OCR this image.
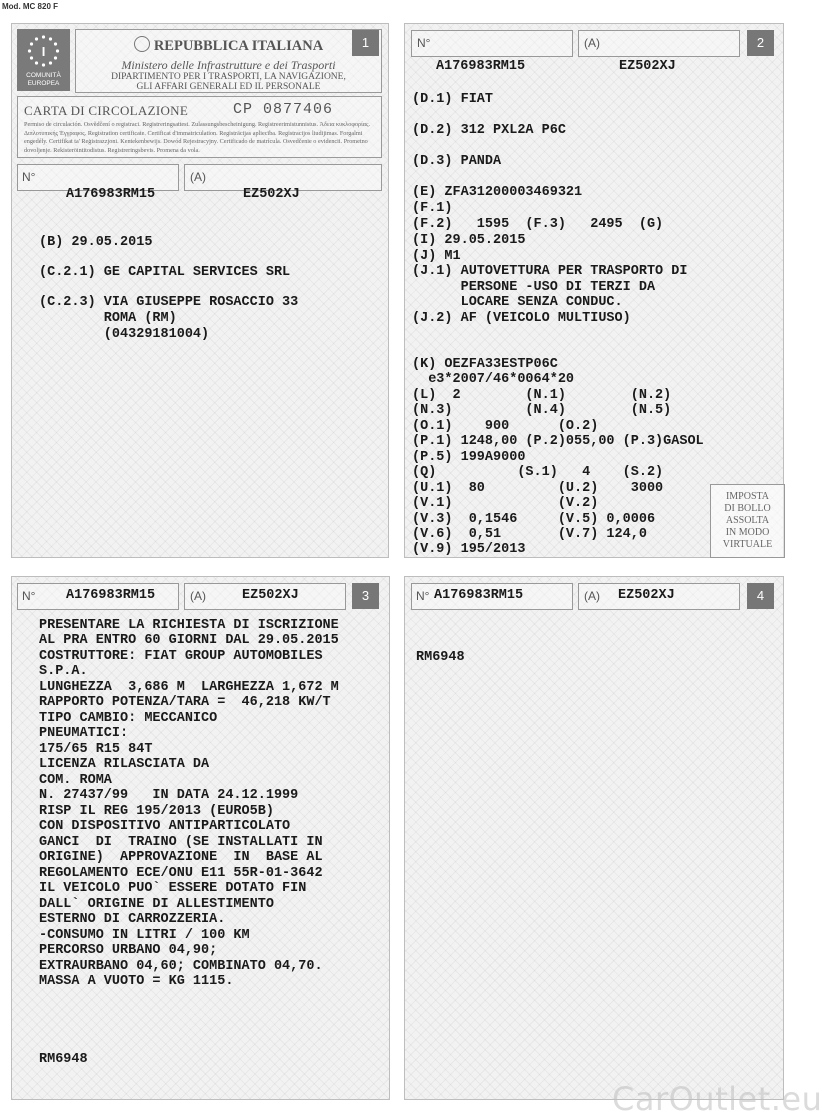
Mod. MC 820 F
I
COMUNITÀ
EUROPEA
REPUBBLICA ITALIANA
Ministero delle Infrastrutture e dei Trasporti
DIPARTIMENTO PER I TRASPORTI, LA NAVIGAZIONE,
GLI AFFARI GENERALI ED IL PERSONALE
1
CARTA DI CIRCOLAZIONE	CP 0877406
Permiso de circulación. Osvědčení o registraci. Registreringsattest. Zulassungsbescheinigung. Registreerimistunnistus. Άδεια κυκλοφορίας. Διπλοτυπικής Έγγραφος. Registration certificate. Certificat d'immatriculation. Registrācijas apliecība. Registracijos liudijimas. Forgalmi engedély. Certifikat ta' Reġistrazzjoni. Kentekenbewijs. Dowód Rejestracyjny. Certificado de matrícula. Osvedčenie o evidencii. Prometno dovoljenje. Rekisteröintitodistus. Registreringsbevis. Promena da vola.
N°	(A)
A176983RM15	EZ502XJ
(B) 29.05.2015
(C.2.1) GE CAPITAL SERVICES SRL
(C.2.3) VIA GIUSEPPE ROSACCIO 33
ROMA (RM)
(04329181004)
N°	(A)	2
A176983RM15	EZ502XJ
(D.1) FIAT
(D.2) 312 PXL2A P6C
(D.3) PANDA
(E) ZFA31200003469321
(F.1)
(F.2)   1595  (F.3)   2495  (G)
(I) 29.05.2015
(J) M1
(J.1) AUTOVETTURA PER TRASPORTO DI
PERSONE -USO DI TERZI DA
LOCARE SENZA CONDUC.
(J.2) AF (VEICOLO MULTIUSO)
(K) OEZFA33ESTP06C
e3*2007/46*0064*20
(L)  2        (N.1)        (N.2)
(N.3)         (N.4)        (N.5)
(O.1)    900      (O.2)
(P.1) 1248,00 (P.2)055,00 (P.3)GASOL
(P.5) 199A9000
(Q)          (S.1)   4    (S.2)
(U.1)  80         (U.2)    3000
(V.1)             (V.2)
(V.3)  0,1546     (V.5) 0,0006
(V.6)  0,51       (V.7) 124,0
(V.9) 195/2013
IMPOSTA
DI BOLLO
ASSOLTA
IN MODO
VIRTUALE
N° A176983RM15	(A)	EZ502XJ	3
PRESENTARE LA RICHIESTA DI ISCRIZIONE
AL PRA ENTRO 60 GIORNI DAL 29.05.2015
COSTRUTTORE: FIAT GROUP AUTOMOBILES
S.P.A.
LUNGHEZZA  3,686 M  LARGHEZZA 1,672 M
RAPPORTO POTENZA/TARA =  46,218 KW/T
TIPO CAMBIO: MECCANICO
PNEUMATICI:
175/65 R15 84T
LICENZA RILASCIATA DA
COM. ROMA
N. 27437/99   IN DATA 24.12.1999
RISP IL REG 195/2013 (EURO5B)
CON DISPOSITIVO ANTIPARTICOLATO
GANCI  DI  TRAINO (SE INSTALLATI IN
ORIGINE)  APPROVAZIONE  IN  BASE AL
REGOLAMENTO ECE/ONU E11 55R-01-3642
IL VEICOLO PUO` ESSERE DOTATO FIN
DALL` ORIGINE DI ALLESTIMENTO
ESTERNO DI CARROZZERIA.
-CONSUMO IN LITRI / 100 KM
PERCORSO URBANO 04,90;
EXTRAURBANO 04,60; COMBINATO 04,70.
MASSA A VUOTO = KG 1115.
RM6948
N° A176983RM15	(A) EZ502XJ	4
RM6948
CarOutlet.eu
